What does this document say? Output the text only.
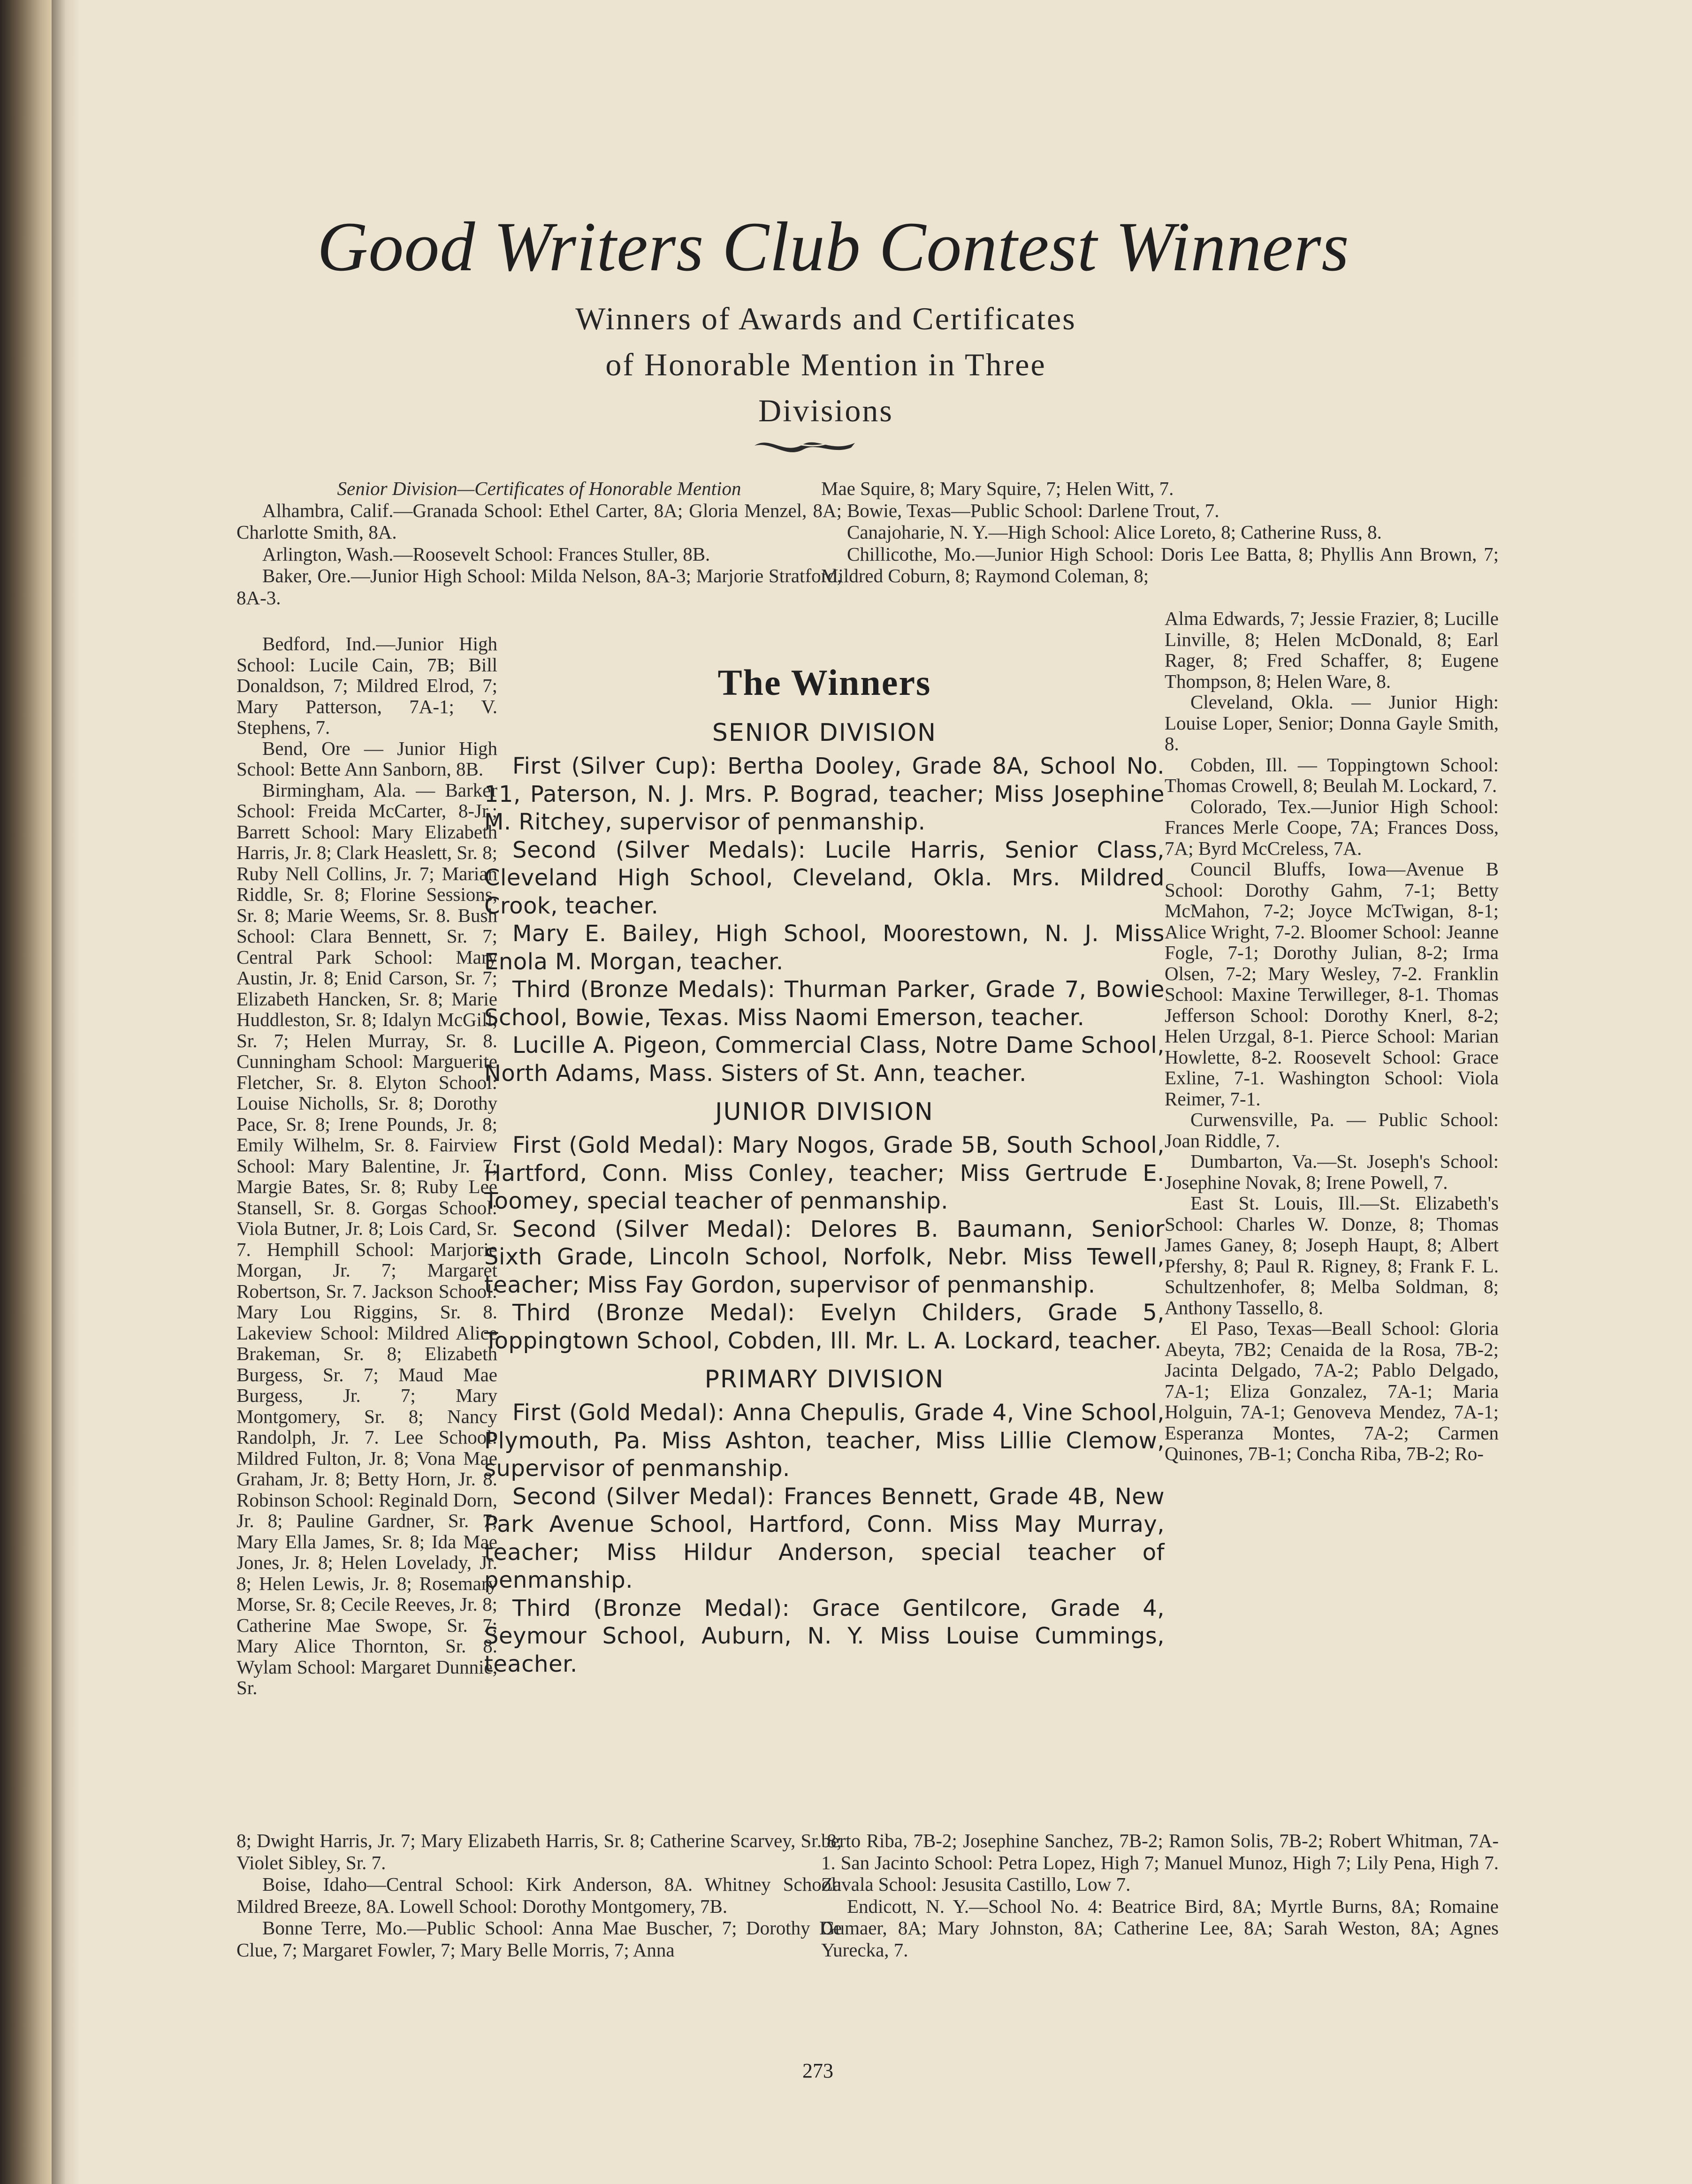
Good Writers Club Contest Winners
Winners of Awards and Certificates of Honorable Mention in Three Divisions

Senior Division—Certificates of Honorable Mention

Alhambra, Calif.—Granada School: Ethel Carter, 8A; Gloria Menzel, 8A; Charlotte Smith, 8A.

Arlington, Wash.—Roosevelt School: Frances Stuller, 8B.

Baker, Ore.—Junior High School: Milda Nelson, 8A-3; Marjorie Stratford, 8A-3.

Bedford, Ind.—Junior High School: Lucile Cain, 7B; Bill Donaldson, 7; Mildred Elrod, 7; Mary Patterson, 7A-1; V. Stephens, 7.

Bend, Ore — Junior High School: Bette Ann Sanborn, 8B.

Birmingham, Ala. — Barker School: Freida McCarter, 8-Jr.; Barrett School: Mary Elizabeth Harris, Jr. 8; Clark Heaslett, Sr. 8; Ruby Nell Collins, Jr. 7; Marian Riddle, Sr. 8; Florine Sessions, Sr. 8; Marie Weems, Sr. 8. Bush School: Clara Bennett, Sr. 7; Central Park School: Mary Austin, Jr. 8; Enid Carson, Sr. 7; Elizabeth Hancken, Sr. 8; Marie Huddleston, Sr. 8; Idalyn McGill, Sr. 7; Helen Murray, Sr. 8. Cunningham School: Marguerite Fletcher, Sr. 8. Elyton School: Louise Nicholls, Sr. 8; Dorothy Pace, Sr. 8; Irene Pounds, Jr. 8; Emily Wilhelm, Sr. 8. Fairview School: Mary Balentine, Jr. 7; Margie Bates, Sr. 8; Ruby Lee Stansell, Sr. 8. Gorgas School: Viola Butner, Jr. 8; Lois Card, Sr. 7. Hemphill School: Marjorie Morgan, Jr. 7; Margaret Robertson, Sr. 7. Jackson School: Mary Lou Riggins, Sr. 8. Lakeview School: Mildred Alice Brakeman, Sr. 8; Elizabeth Burgess, Sr. 7; Maud Mae Burgess, Jr. 7; Mary Montgomery, Sr. 8; Nancy Randolph, Jr. 7. Lee School: Mildred Fulton, Jr. 8; Vona Mae Graham, Jr. 8; Betty Horn, Jr. 8. Robinson School: Reginald Dorn, Jr. 8; Pauline Gardner, Sr. 7; Mary Ella James, Sr. 8; Ida Mae Jones, Jr. 8; Helen Lovelady, Jr. 8; Helen Lewis, Jr. 8; Rosemary Morse, Sr. 8; Cecile Reeves, Jr. 8; Catherine Mae Swope, Sr. 7; Mary Alice Thornton, Sr. 8. Wylam School: Margaret Dunnie, Sr.

8; Dwight Harris, Jr. 7; Mary Elizabeth Harris, Sr. 8; Catherine Scarvey, Sr. 8; Violet Sibley, Sr. 7.

Boise, Idaho—Central School: Kirk Anderson, 8A. Whitney School: Mildred Breeze, 8A. Lowell School: Dorothy Montgomery, 7B.

Bonne Terre, Mo.—Public School: Anna Mae Buscher, 7; Dorothy De Clue, 7; Margaret Fowler, 7; Mary Belle Morris, 7; Anna

Mae Squire, 8; Mary Squire, 7; Helen Witt, 7.

Bowie, Texas—Public School: Darlene Trout, 7.

Canajoharie, N. Y.—High School: Alice Loreto, 8; Catherine Russ, 8.

Chillicothe, Mo.—Junior High School: Doris Lee Batta, 8; Phyllis Ann Brown, 7; Mildred Coburn, 8; Raymond Coleman, 8;

Alma Edwards, 7; Jessie Frazier, 8; Lucille Linville, 8; Helen McDonald, 8; Earl Rager, 8; Fred Schaffer, 8; Eugene Thompson, 8; Helen Ware, 8.

Cleveland, Okla. — Junior High: Louise Loper, Senior; Donna Gayle Smith, 8.

Cobden, Ill. — Toppingtown School: Thomas Crowell, 8; Beulah M. Lockard, 7.

Colorado, Tex.—Junior High School: Frances Merle Coope, 7A; Frances Doss, 7A; Byrd McCreless, 7A.

Council Bluffs, Iowa—Avenue B School: Dorothy Gahm, 7-1; Betty McMahon, 7-2; Joyce McTwigan, 8-1; Alice Wright, 7-2. Bloomer School: Jeanne Fogle, 7-1; Dorothy Julian, 8-2; Irma Olsen, 7-2; Mary Wesley, 7-2. Franklin School: Maxine Terwilleger, 8-1. Thomas Jefferson School: Dorothy Knerl, 8-2; Helen Urzgal, 8-1. Pierce School: Marian Howlette, 8-2. Roosevelt School: Grace Exline, 7-1. Washington School: Viola Reimer, 7-1.

Curwensville, Pa. — Public School: Joan Riddle, 7.

Dumbarton, Va.—St. Joseph's School: Josephine Novak, 8; Irene Powell, 7.

East St. Louis, Ill.—St. Elizabeth's School: Charles W. Donze, 8; Thomas James Ganey, 8; Joseph Haupt, 8; Albert Pfershy, 8; Paul R. Rigney, 8; Frank F. L. Schultzenhofer, 8; Melba Soldman, 8; Anthony Tassello, 8.

El Paso, Texas—Beall School: Gloria Abeyta, 7B2; Cenaida de la Rosa, 7B-2; Jacinta Delgado, 7A-2; Pablo Delgado, 7A-1; Eliza Gonzalez, 7A-1; Maria Holguin, 7A-1; Genoveva Mendez, 7A-1; Esperanza Montes, 7A-2; Carmen Quinones, 7B-1; Concha Riba, 7B-2; Ro-

berto Riba, 7B-2; Josephine Sanchez, 7B-2; Ramon Solis, 7B-2; Robert Whitman, 7A-1. San Jacinto School: Petra Lopez, High 7; Manuel Munoz, High 7; Lily Pena, High 7. Zavala School: Jesusita Castillo, Low 7.

Endicott, N. Y.—School No. 4: Beatrice Bird, 8A; Myrtle Burns, 8A; Romaine Gumaer, 8A; Mary Johnston, 8A; Catherine Lee, 8A; Sarah Weston, 8A; Agnes Yurecka, 7.

The Winners
SENIOR DIVISION

First (Silver Cup): Bertha Dooley, Grade 8A, School No. 11, Paterson, N. J. Mrs. P. Bograd, teacher; Miss Josephine M. Ritchey, supervisor of penmanship.

Second (Silver Medals): Lucile Harris, Senior Class, Cleveland High School, Cleveland, Okla. Mrs. Mildred Crook, teacher.

Mary E. Bailey, High School, Moorestown, N. J. Miss Enola M. Morgan, teacher.

Third (Bronze Medals): Thurman Parker, Grade 7, Bowie School, Bowie, Texas. Miss Naomi Emerson, teacher.

Lucille A. Pigeon, Commercial Class, Notre Dame School, North Adams, Mass. Sisters of St. Ann, teacher.

JUNIOR DIVISION

First (Gold Medal): Mary Nogos, Grade 5B, South School, Hartford, Conn. Miss Conley, teacher; Miss Gertrude E. Toomey, special teacher of penmanship.

Second (Silver Medal): Delores B. Baumann, Senior Sixth Grade, Lincoln School, Norfolk, Nebr. Miss Tewell, teacher; Miss Fay Gordon, supervisor of penmanship.

Third (Bronze Medal): Evelyn Childers, Grade 5, Toppingtown School, Cobden, Ill. Mr. L. A. Lockard, teacher.

PRIMARY DIVISION

First (Gold Medal): Anna Chepulis, Grade 4, Vine School, Plymouth, Pa. Miss Ashton, teacher, Miss Lillie Clemow, supervisor of penmanship.

Second (Silver Medal): Frances Bennett, Grade 4B, New Park Avenue School, Hartford, Conn. Miss May Murray, teacher; Miss Hildur Anderson, special teacher of penmanship.

Third (Bronze Medal): Grace Gentilcore, Grade 4, Seymour School, Auburn, N. Y. Miss Louise Cummings, teacher.

273
